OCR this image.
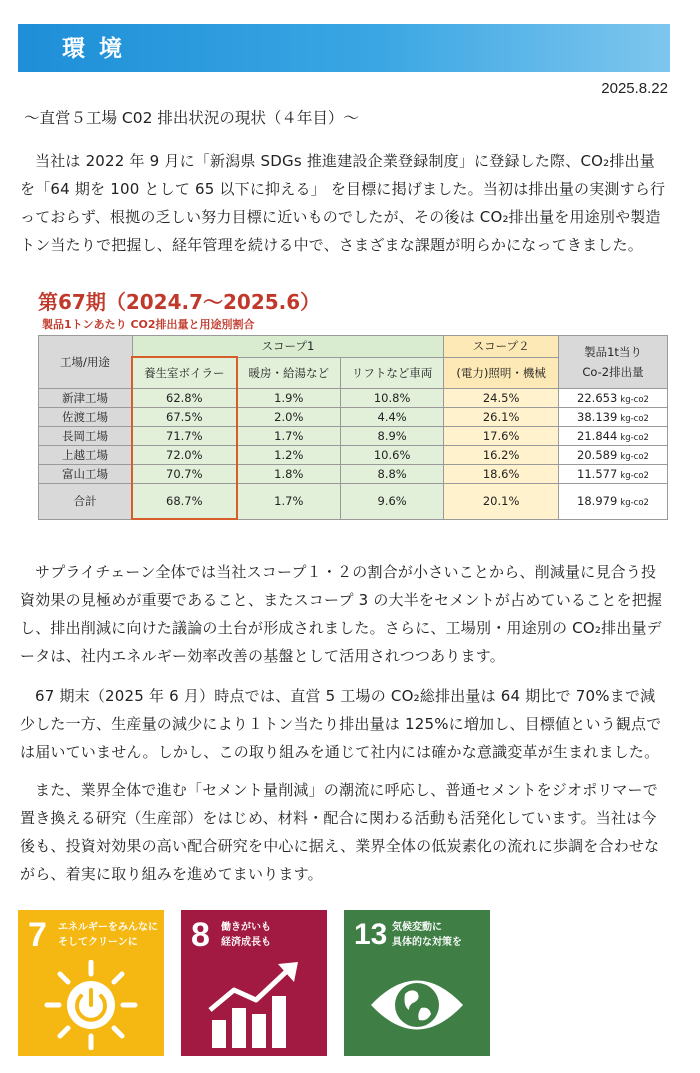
環境
2025.8.22
～直営５工場 C02 排出状況の現状（４年目）～
当社は 2022 年 9 月に「新潟県 SDGs 推進建設企業登録制度」に登録した際、CO₂排出量を「64 期を 100 として 65 以下に抑える」 を目標に掲げました。当初は排出量の実測すら行っておらず、根拠の乏しい努力目標に近いものでしたが、その後は CO₂排出量を用途別や製造トン当たりで把握し、経年管理を続ける中で、さまざまな課題が明らかになってきました。
第67期（2024.7～2025.6）
製品1トンあたり CO2排出量と用途別割合
工場/用途	スコープ1			スコープ２	製品1t当り
Co-2排出量

	養生室ボイラー	暖房・給湯など	リフトなど車両	(電力)照明・機械	
新津工場	62.8%	1.9%	10.8%	24.5%	22.653 kg-co2
佐渡工場	67.5%	2.0%	4.4%	26.1%	38.139 kg-co2
長岡工場	71.7%	1.7%	8.9%	17.6%	21.844 kg-co2
上越工場	72.0%	1.2%	10.6%	16.2%	20.589 kg-co2
富山工場	70.7%	1.8%	8.8%	18.6%	11.577 kg-co2
合計	68.7%	1.7%	9.6%	20.1%	18.979 kg-co2
サプライチェーン全体では当社スコープ１・２の割合が小さいことから、削減量に見合う投資効果の見極めが重要であること、またスコープ 3 の大半をセメントが占めていることを把握し、排出削減に向けた議論の土台が形成されました。さらに、工場別・用途別の CO₂排出量データは、社内エネルギー効率改善の基盤として活用されつつあります。
67 期末（2025 年 6 月）時点では、直営 5 工場の CO₂総排出量は 64 期比で 70%まで減少した一方、生産量の減少により１トン当たり排出量は 125%に増加し、目標値という観点では届いていません。しかし、この取り組みを通じて社内には確かな意識変革が生まれました。
また、業界全体で進む「セメント量削減」の潮流に呼応し、普通セメントをジオポリマーで置き換える研究（生産部）をはじめ、材料・配合に関わる活動も活発化しています。当社は今後も、投資対効果の高い配合研究を中心に据え、業界全体の低炭素化の流れに歩調を合わせながら、着実に取り組みを進めてまいります。
7 エネルギーをみんなに
そしてクリーンに	8 働きがいも
経済成長も	13 気候変動に
具体的な対策を
